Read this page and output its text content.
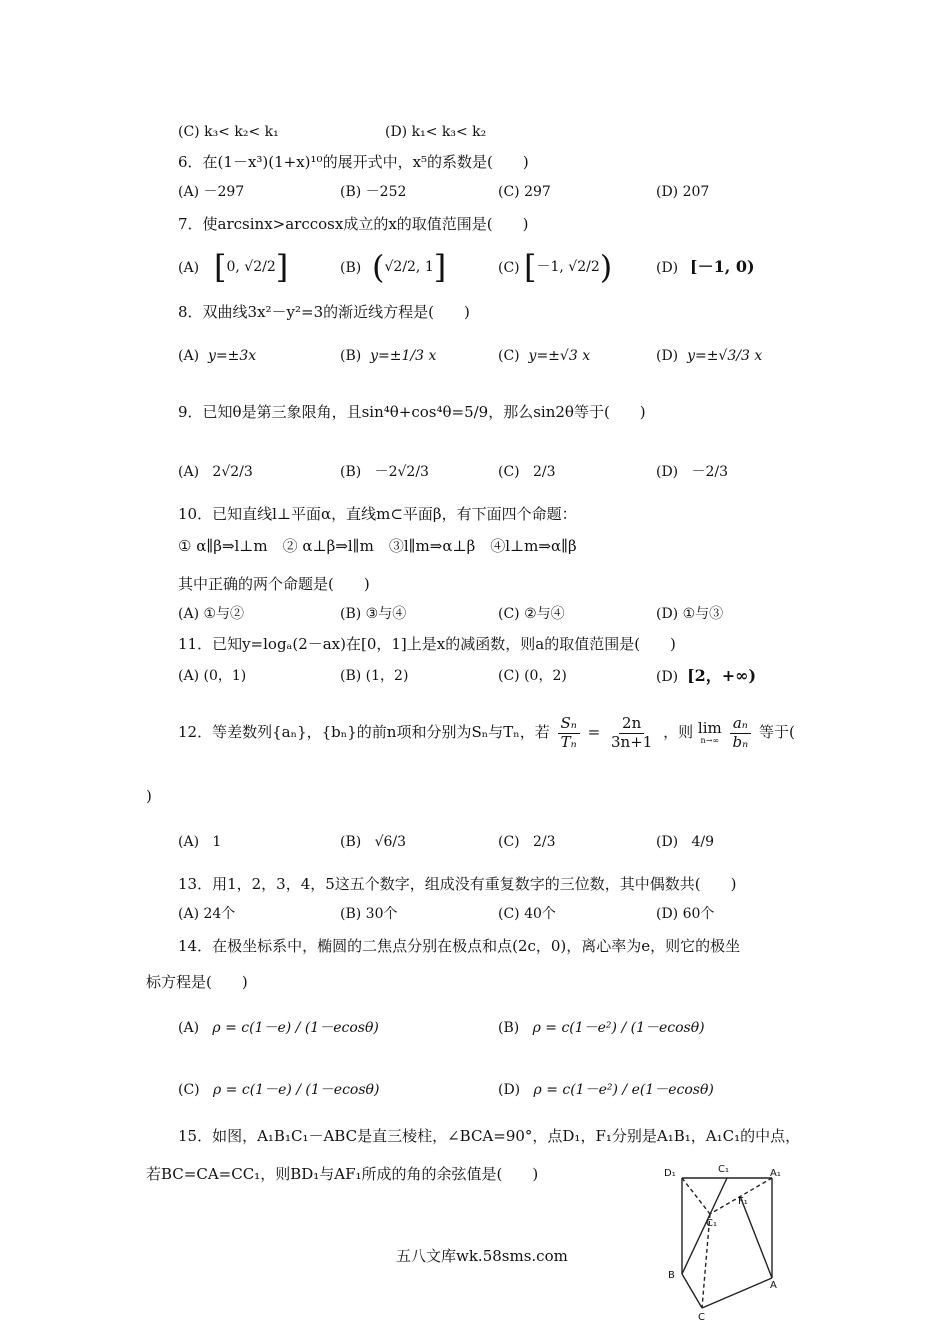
(C) k₃< k₂< k₁	(D) k₁< k₃< k₂
6．在(1－x³)(1+x)¹⁰的展开式中，x⁵的系数是(　　)
(A) －297	(B) －252	(C) 297	(D) 207
7．使arcsinx>arccosx成立的x的取值范围是(　　)
(A) [0, √2/2]	(B) (√2/2, 1]	(C) [－1, √2/2)	(D) [－1, 0)
8．双曲线3x²－y²=3的渐近线方程是(　　)
(A) y=±3x	(B) y=±1/3 x	(C) y=±√3 x	(D) y=±√3/3 x
9．已知θ是第三象限角，且sin⁴θ+cos⁴θ=5/9，那么sin2θ等于(　　)
(A) 2√2/3	(B) －2√2/3	(C) 2/3	(D) －2/3
10．已知直线l⊥平面α，直线m⊂平面β，有下面四个命题：
① α∥β⇒l⊥m　② α⊥β⇒l∥m　③l∥m⇒α⊥β　④l⊥m⇒α∥β
其中正确的两个命题是(　　)
(A) ①与②	(B) ③与④	(C) ②与④	(D) ①与③
11．已知y=logₐ(2－ax)在[0，1]上是x的减函数，则a的取值范围是(　　)
(A) (0，1)	(B) (1，2)	(C) (0，2)	(D) [2，+∞)
12．等差数列{aₙ}，{bₙ}的前n项和分别为Sₙ与Tₙ，若 $\frac{\text{Sₙ}}{\text{Tₙ}} = \frac{2n}{3n+1}$ ，则 lim
n→∞
$\frac{\text{aₙ}}{\text{bₙ}}$ 等于(
)
(A) 1	(B) √6/3	(C) 2/3	(D) 4/9
13．用1，2，3，4，5这五个数字，组成没有重复数字的三位数，其中偶数共(　　)
(A) 24个	(B) 30个	(C) 40个	(D) 60个
14．在极坐标系中，椭圆的二焦点分别在极点和点(2c，0)，离心率为e，则它的极坐
标方程是(　　)
(A) ρ = c(1－e) / (1－ecosθ)	(B) ρ = c(1－e²) / (1－ecosθ)
(C) ρ = c(1－e) / (1－ecosθ)	(D) ρ = c(1－e²) / e(1－ecosθ)
15．如图，A₁B₁C₁－ABC是直三棱柱，∠BCA=90°，点D₁，F₁分别是A₁B₁，A₁C₁的中点，
若BC=CA=CC₁，则BD₁与AF₁所成的角的余弦值是(　　)	D₁	C₁	A₁
F₁
C₁
B
A
C
五八文库wk.58sms.com
